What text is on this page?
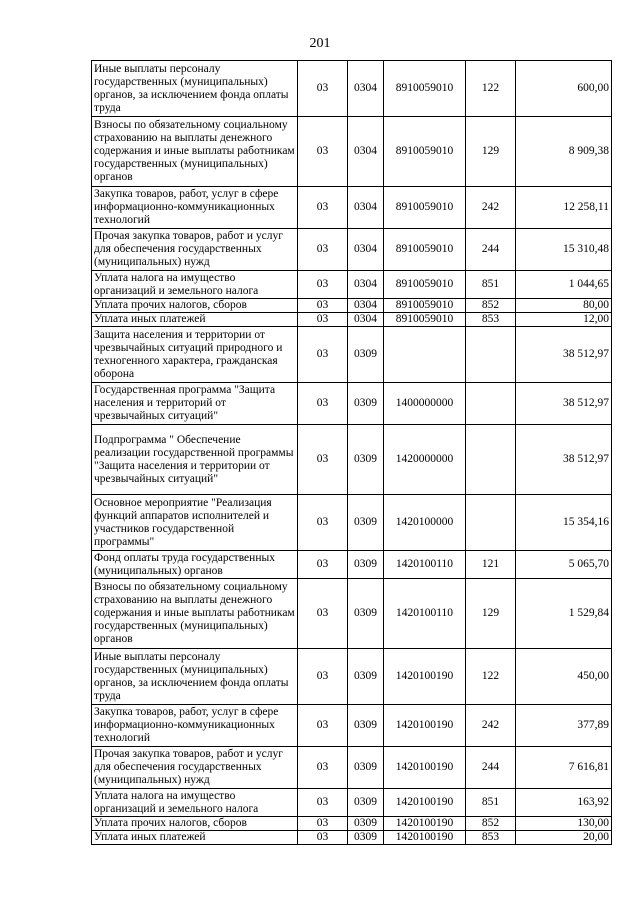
201
Иные выплаты персоналу государственных (муниципальных) органов, за исключением фонда оплаты труда	03	0304	8910059010	122	600,00
Взносы по обязательному социальному страхованию на выплаты денежного содержания и иные выплаты работникам государственных (муниципальных) органов	03	0304	8910059010	129	8 909,38
Закупка товаров, работ, услуг в сфере информационно-коммуникационных технологий	03	0304	8910059010	242	12 258,11
Прочая закупка товаров, работ и услуг для обеспечения государственных (муниципальных) нужд	03	0304	8910059010	244	15 310,48
Уплата налога на имущество организаций и земельного налога	03	0304	8910059010	851	1 044,65
Уплата прочих налогов, сборов	03	0304	8910059010	852	80,00
Уплата иных платежей	03	0304	8910059010	853	12,00
Защита населения и территории от чрезвычайных ситуаций природного и техногенного характера, гражданская оборона	03	0309			38 512,97
Государственная программа "Защита населения и территорий от чрезвычайных ситуаций"	03	0309	1400000000		38 512,97
Подпрограмма " Обеспечение реализации государственной программы "Защита населения и территории от чрезвычайных ситуаций"	03	0309	1420000000		38 512,97
Основное мероприятие "Реализация функций аппаратов исполнителей и участников государственной программы"	03	0309	1420100000		15 354,16
Фонд оплаты труда государственных (муниципальных) органов	03	0309	1420100110	121	5 065,70
Взносы по обязательному социальному страхованию на выплаты денежного содержания и иные выплаты работникам государственных (муниципальных) органов	03	0309	1420100110	129	1 529,84
Иные выплаты персоналу государственных (муниципальных) органов, за исключением фонда оплаты труда	03	0309	1420100190	122	450,00
Закупка товаров, работ, услуг в сфере информационно-коммуникационных технологий	03	0309	1420100190	242	377,89
Прочая закупка товаров, работ и услуг для обеспечения государственных (муниципальных) нужд	03	0309	1420100190	244	7 616,81
Уплата налога на имущество организаций и земельного налога	03	0309	1420100190	851	163,92
Уплата прочих налогов, сборов	03	0309	1420100190	852	130,00
Уплата иных платежей	03	0309	1420100190	853	20,00
